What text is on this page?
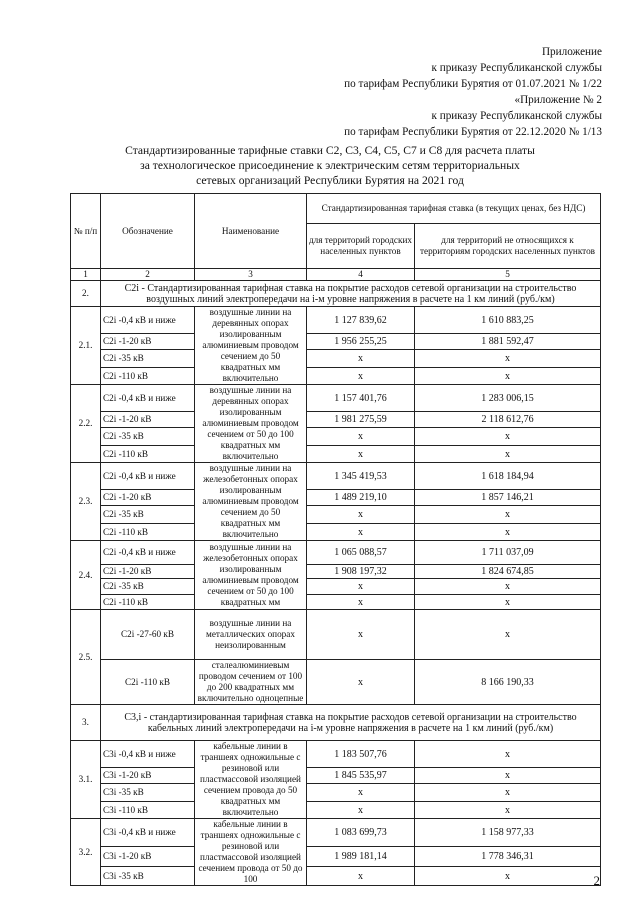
Приложение
к приказу Республиканской службы
по тарифам Республики Бурятия от 01.07.2021 № 1/22
«Приложение № 2
к приказу Республиканской службы
по тарифам Республики Бурятия от 22.12.2020 № 1/13
Стандартизированные тарифные ставки С2, С3, С4, С5, С7 и С8 для расчета платы
за технологическое присоединение к электрическим сетям территориальных
сетевых организаций Республики Бурятия на 2021 год
№ п/п	Обозначение	Наименование	Стандартизированная тарифная ставка (в текущих ценах, без НДС)	
			для территорий городских населенных пунктов	для территорий не относящихся к территориям городских населенных пунктов
1	2	3	4	5
2.	С2i - Стандартизированная тарифная ставка на покрытие расходов сетевой организации на строительство воздушных линий электропередачи на i-м уровне напряжения в расчете на 1 км линий (руб./км)			
2.1.	С2i -0,4 кВ и ниже	воздушные линии на деревянных опорах изолированным алюминиевым проводом сечением до 50 квадратных мм включительно	1 127 839,62	1 610 883,25
	С2i -1-20 кВ		1 956 255,25	1 881 592,47
	С2i -35 кВ		x	x
	С2i -110 кВ		x	x
2.2.	С2i -0,4 кВ и ниже	воздушные линии на деревянных опорах изолированным алюминиевым проводом сечением от 50 до 100 квадратных мм включительно	1 157 401,76	1 283 006,15
	С2i -1-20 кВ		1 981 275,59	2 118 612,76
	С2i -35 кВ		x	x
	С2i -110 кВ		x	x
2.3.	С2i -0,4 кВ и ниже	воздушные линии на железобетонных опорах изолированным алюминиевым проводом сечением до 50 квадратных мм включительно	1 345 419,53	1 618 184,94
	С2i -1-20 кВ		1 489 219,10	1 857 146,21
	С2i -35 кВ		x	x
	С2i -110 кВ		x	x
2.4.	С2i -0,4 кВ и ниже	воздушные линии на железобетонных опорах изолированным алюминиевым проводом сечением от 50 до 100 квадратных мм	1 065 088,57	1 711 037,09
	С2i -1-20 кВ		1 908 197,32	1 824 674,85
	С2i -35 кВ		x	x
	С2i -110 кВ		x	x
2.5.	С2i -27-60 кВ	воздушные линии на металлических опорах неизолированным	x	x
	С2i -110 кВ	сталеалюминиевым проводом сечением от 100 до 200 квадратных мм включительно одноцепные	x	8 166 190,33
3.	С3,i - стандартизированная тарифная ставка на покрытие расходов сетевой организации на строительство кабельных линий электропередачи на i-м уровне напряжения в расчете на 1 км линий (руб./км)			
3.1.	С3i -0,4 кВ и ниже	кабельные линии в траншеях одножильные с резиновой или пластмассовой изоляцией сечением провода до 50 квадратных мм включительно	1 183 507,76	x
	С3i -1-20 кВ		1 845 535,97	x
	С3i -35 кВ		x	x
	С3i -110 кВ		x	x
3.2.	С3i -0,4 кВ и ниже	кабельные линии в траншеях одножильные с резиновой или пластмассовой изоляцией сечением провода от 50 до 100	1 083 699,73	1 158 977,33
	С3i -1-20 кВ		1 989 181,14	1 778 346,31
	С3i -35 кВ		x	x	2
